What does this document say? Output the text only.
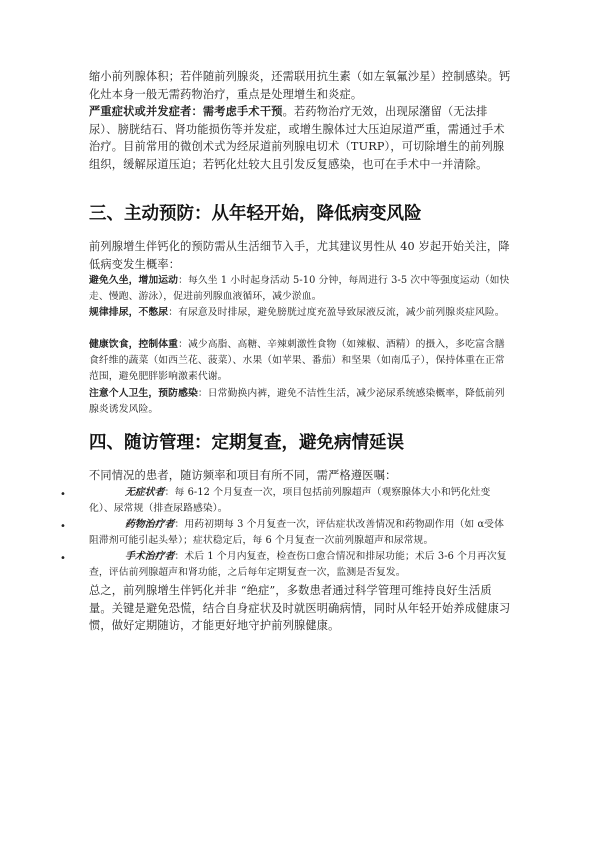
缩小前列腺体积；若伴随前列腺炎，还需联用抗生素（如左氧氟沙星）控制感染。钙化灶本身一般无需药物治疗，重点是处理增生和炎症。

严重症状或并发症者：需考虑手术干预。若药物治疗无效，出现尿潴留（无法排尿）、膀胱结石、肾功能损伤等并发症，或增生腺体过大压迫尿道严重，需通过手术治疗。目前常用的微创术式为经尿道前列腺电切术（TURP），可切除增生的前列腺组织，缓解尿道压迫；若钙化灶较大且引发反复感染，也可在手术中一并清除。

三、主动预防：从年轻开始，降低病变风险

前列腺增生伴钙化的预防需从生活细节入手，尤其建议男性从 40 岁起开始关注，降低病变发生概率：

避免久坐，增加运动：每久坐 1 小时起身活动 5-10 分钟，每周进行 3-5 次中等强度运动（如快走、慢跑、游泳），促进前列腺血液循环，减少淤血。

规律排尿，不憋尿：有尿意及时排尿，避免膀胱过度充盈导致尿液反流，减少前列腺炎症风险。

健康饮食，控制体重：减少高脂、高糖、辛辣刺激性食物（如辣椒、酒精）的摄入，多吃富含膳食纤维的蔬菜（如西兰花、菠菜）、水果（如苹果、番茄）和坚果（如南瓜子），保持体重在正常范围，避免肥胖影响激素代谢。

注意个人卫生，预防感染：日常勤换内裤，避免不洁性生活，减少泌尿系统感染概率，降低前列腺炎诱发风险。

四、随访管理：定期复查，避免病情延误

不同情况的患者，随访频率和项目有所不同，需严格遵医嘱：

•	无症状者：每 6-12 个月复查一次，项目包括前列腺超声（观察腺体大小和钙化灶变化）、尿常规（排查尿路感染）。

•	药物治疗者：用药初期每 3 个月复查一次，评估症状改善情况和药物副作用（如 α受体阻滞剂可能引起头晕）；症状稳定后，每 6 个月复查一次前列腺超声和尿常规。

•	手术治疗者：术后 1 个月内复查，检查伤口愈合情况和排尿功能；术后 3-6 个月再次复查，评估前列腺超声和肾功能，之后每年定期复查一次，监测是否复发。

总之，前列腺增生伴钙化并非 “绝症”，多数患者通过科学管理可维持良好生活质量。关键是避免恐慌，结合自身症状及时就医明确病情，同时从年轻开始养成健康习惯，做好定期随访，才能更好地守护前列腺健康。
